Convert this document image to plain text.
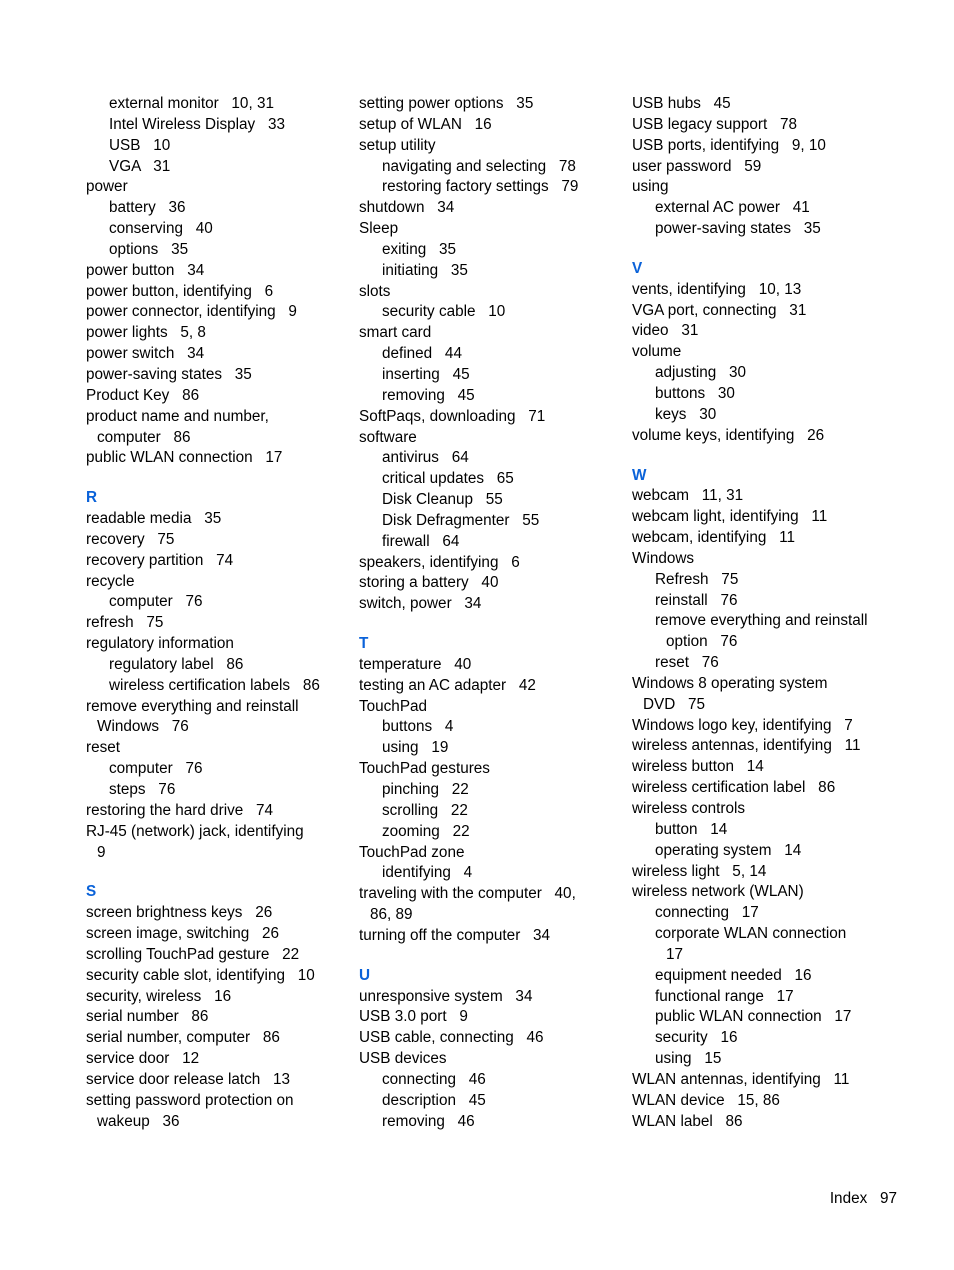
external monitor   10, 31
Intel Wireless Display   33
USB   10
VGA   31
power
battery   36
conserving   40
options   35
power button   34
power button, identifying   6
power connector, identifying   9
power lights   5, 8
power switch   34
power-saving states   35
Product Key   86
product name and number,
computer   86
public WLAN connection   17
R
readable media   35
recovery   75
recovery partition   74
recycle
computer   76
refresh   75
regulatory information
regulatory label   86
wireless certification labels   86
remove everything and reinstall
Windows   76
reset
computer   76
steps   76
restoring the hard drive   74
RJ-45 (network) jack, identifying
9
S
screen brightness keys   26
screen image, switching   26
scrolling TouchPad gesture   22
security cable slot, identifying   10
security, wireless   16
serial number   86
serial number, computer   86
service door   12
service door release latch   13
setting password protection on
wakeup   36
setting power options   35
setup of WLAN   16
setup utility
navigating and selecting   78
restoring factory settings   79
shutdown   34
Sleep
exiting   35
initiating   35
slots
security cable   10
smart card
defined   44
inserting   45
removing   45
SoftPaqs, downloading   71
software
antivirus   64
critical updates   65
Disk Cleanup   55
Disk Defragmenter   55
firewall   64
speakers, identifying   6
storing a battery   40
switch, power   34
T
temperature   40
testing an AC adapter   42
TouchPad
buttons   4
using   19
TouchPad gestures
pinching   22
scrolling   22
zooming   22
TouchPad zone
identifying   4
traveling with the computer   40,
86, 89
turning off the computer   34
U
unresponsive system   34
USB 3.0 port   9
USB cable, connecting   46
USB devices
connecting   46
description   45
removing   46
USB hubs   45
USB legacy support   78
USB ports, identifying   9, 10
user password   59
using
external AC power   41
power-saving states   35
V
vents, identifying   10, 13
VGA port, connecting   31
video   31
volume
adjusting   30
buttons   30
keys   30
volume keys, identifying   26
W
webcam   11, 31
webcam light, identifying   11
webcam, identifying   11
Windows
Refresh   75
reinstall   76
remove everything and reinstall
option   76
reset   76
Windows 8 operating system
DVD   75
Windows logo key, identifying   7
wireless antennas, identifying   11
wireless button   14
wireless certification label   86
wireless controls
button   14
operating system   14
wireless light   5, 14
wireless network (WLAN)
connecting   17
corporate WLAN connection
17
equipment needed   16
functional range   17
public WLAN connection   17
security   16
using   15
WLAN antennas, identifying   11
WLAN device   15, 86
WLAN label   86
Index 97
